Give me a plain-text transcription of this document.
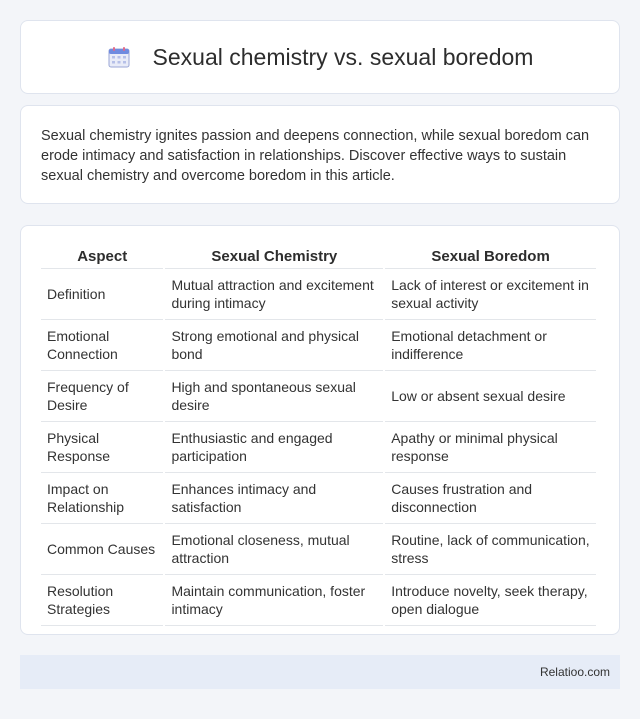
Sexual chemistry vs. sexual boredom

Sexual chemistry ignites passion and deepens connection, while sexual boredom can erode intimacy and satisfaction in relationships. Discover effective ways to sustain sexual chemistry and overcome boredom in this article.

Aspect	Sexual Chemistry	Sexual Boredom
Definition	Mutual attraction and excitement during intimacy	Lack of interest or excitement in sexual activity
Emotional Connection	Strong emotional and physical bond	Emotional detachment or indifference
Frequency of Desire	High and spontaneous sexual desire	Low or absent sexual desire
Physical Response	Enthusiastic and engaged participation	Apathy or minimal physical response
Impact on Relationship	Enhances intimacy and satisfaction	Causes frustration and disconnection
Common Causes	Emotional closeness, mutual attraction	Routine, lack of communication, stress
Resolution Strategies	Maintain communication, foster intimacy	Introduce novelty, seek therapy, open dialogue
Relatioo.com
